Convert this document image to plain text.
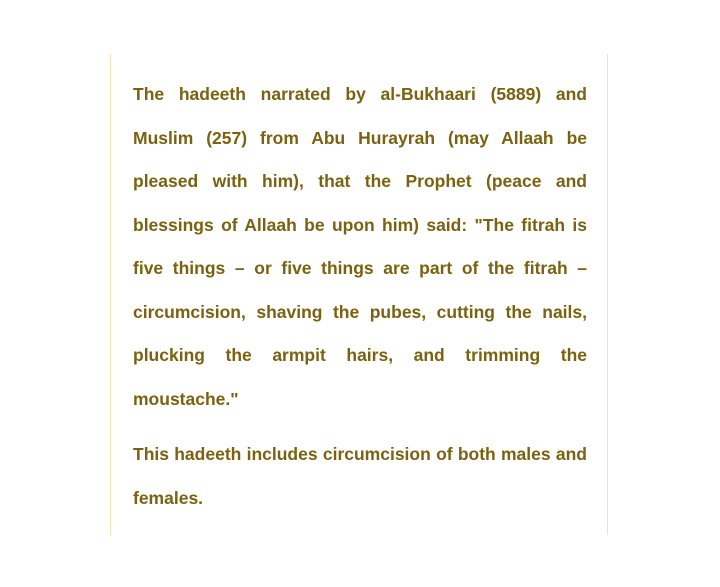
The hadeeth narrated by al-Bukhaari (5889) and Muslim (257) from Abu Hurayrah (may Allaah be pleased with him), that the Prophet (peace and blessings of Allaah be upon him) said: "The fitrah is five things – or five things are part of the fitrah – circumcision, shaving the pubes, cutting the nails, plucking the armpit hairs, and trimming the moustache."

This hadeeth includes circumcision of both males and females.
